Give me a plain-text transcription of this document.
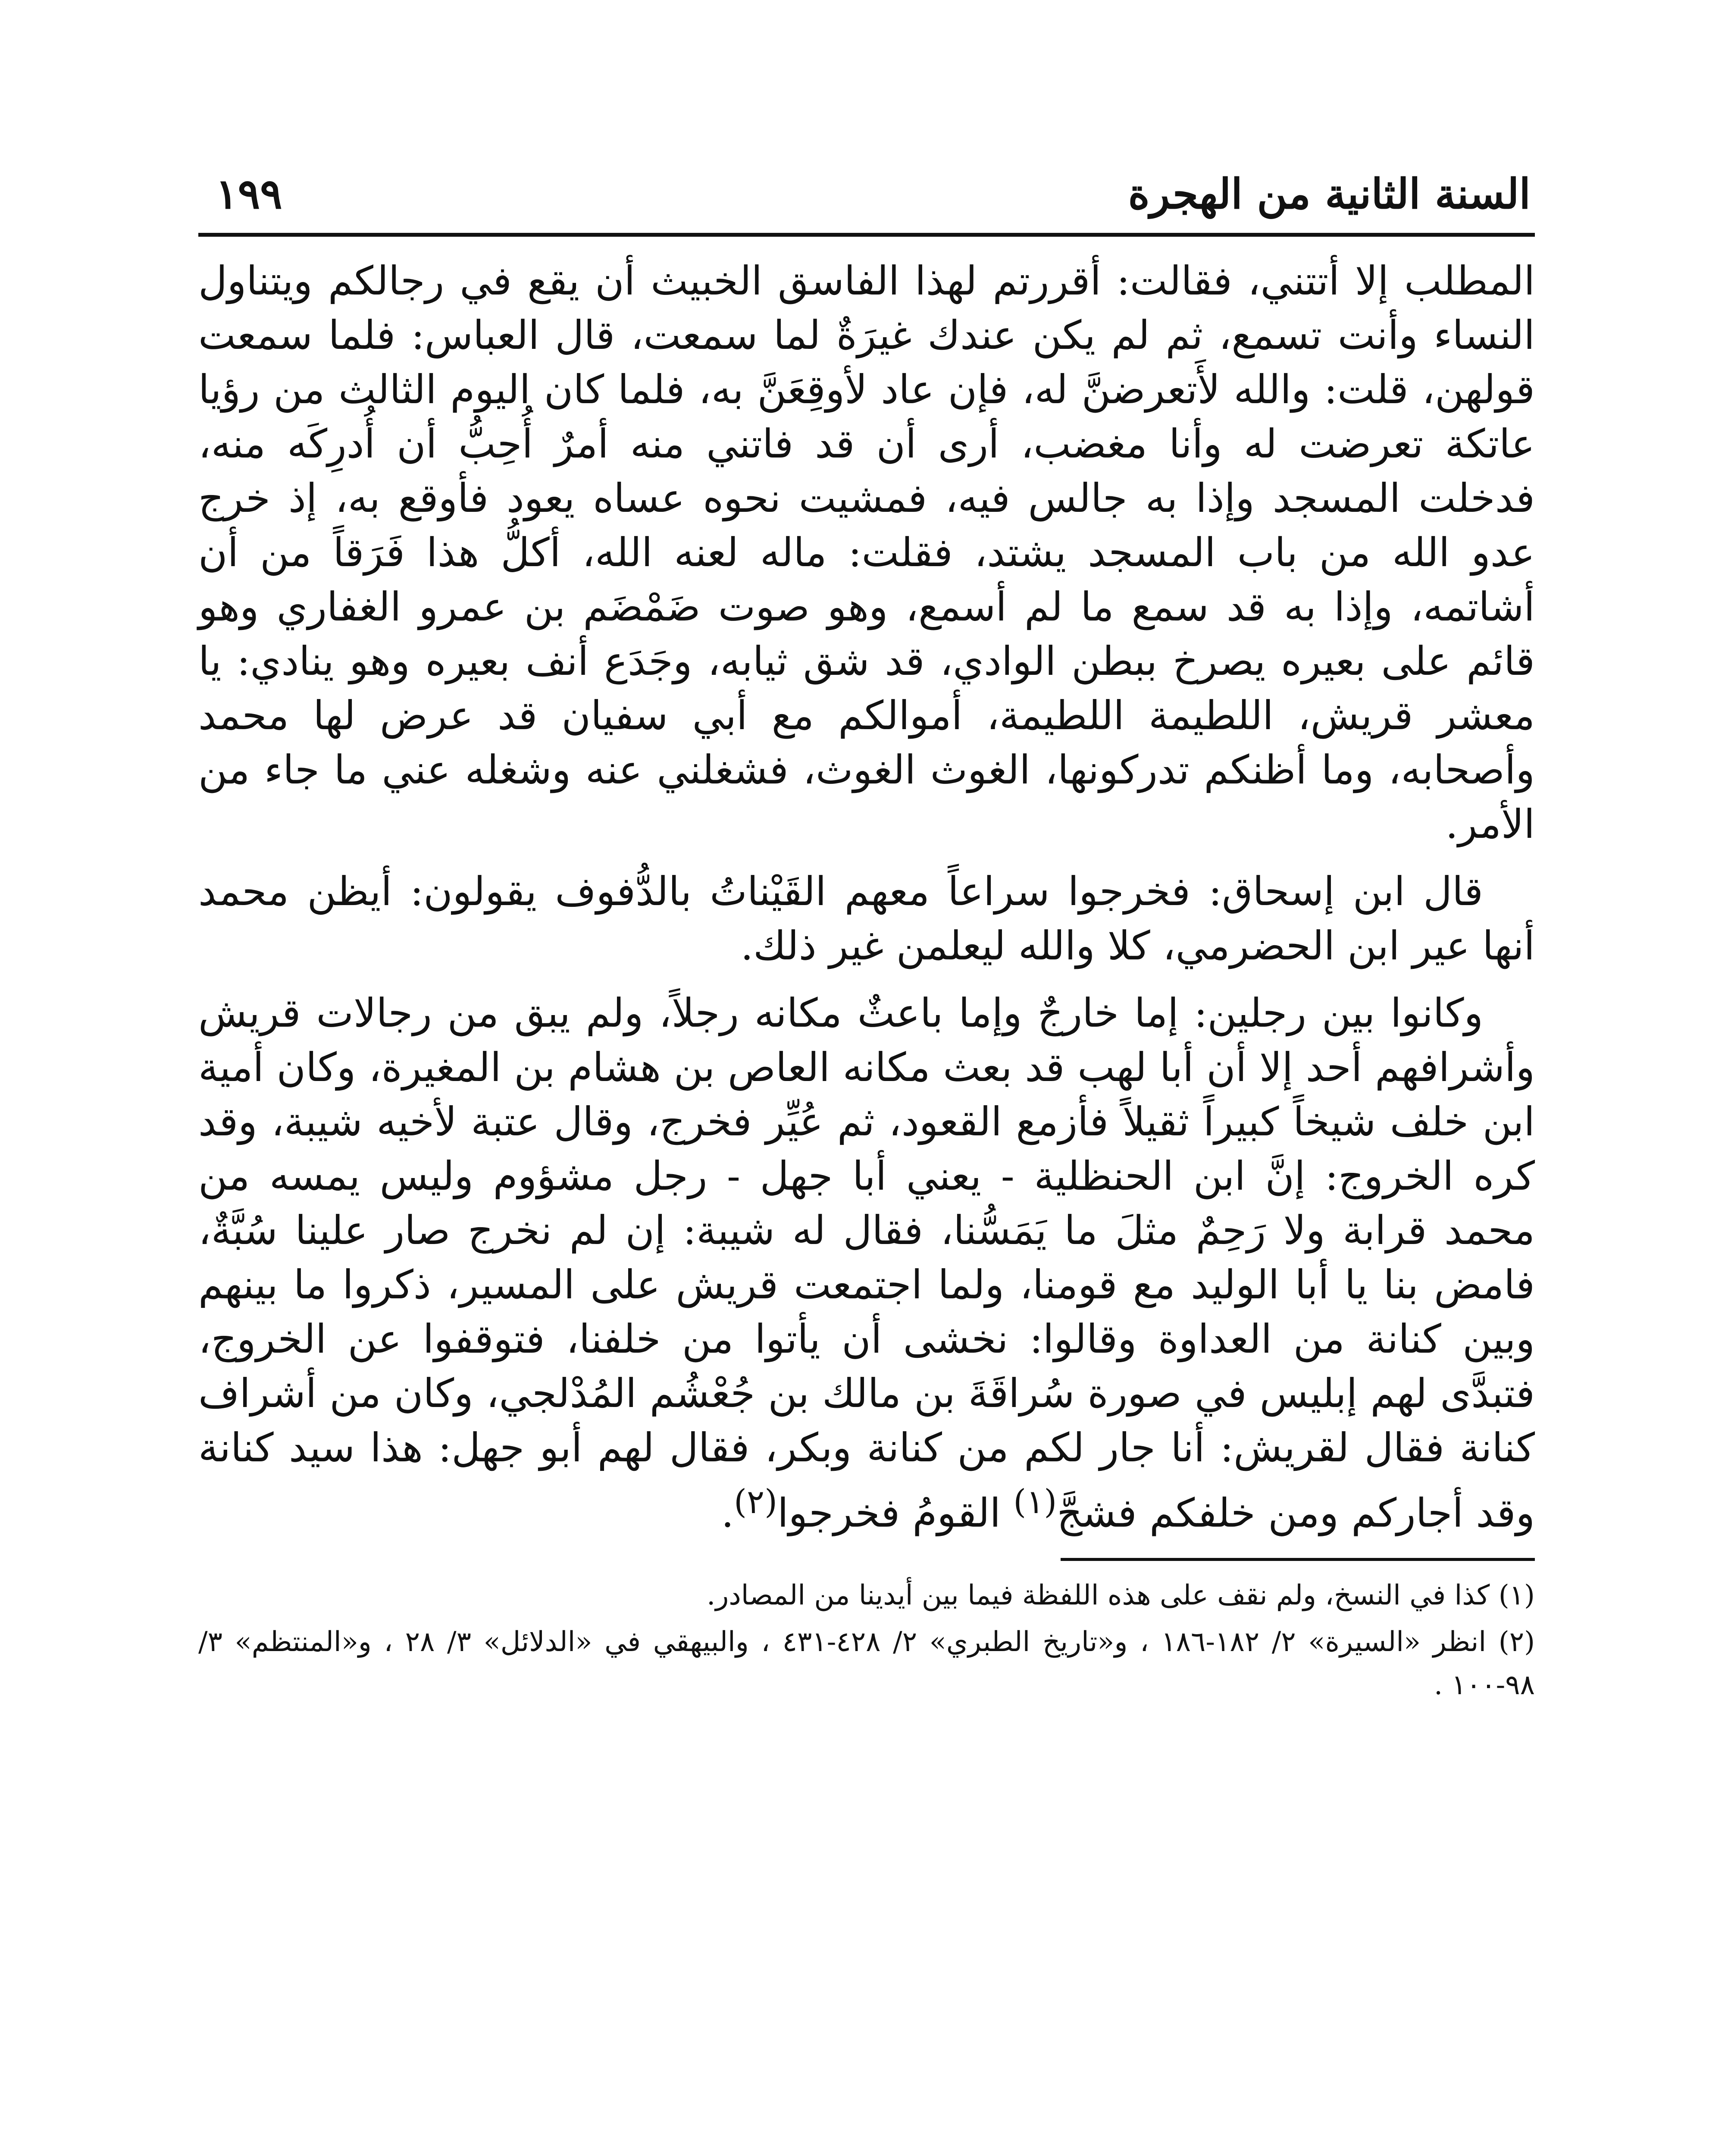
السنة الثانية من الهجرة
١٩٩

المطلب إلا أتتني، فقالت: أقررتم لهذا الفاسق الخبيث أن يقع في رجالكم ويتناول النساء وأنت تسمع، ثم لم يكن عندك غيرَةٌ لما سمعت، قال العباس: فلما سمعت قولهن، قلت: والله لأَتعرضنَّ له، فإن عاد لأوقِعَنَّ به، فلما كان اليوم الثالث من رؤيا عاتكة تعرضت له وأنا مغضب، أرى أن قد فاتني منه أمرٌ أُحِبُّ أن أُدرِكَه منه، فدخلت المسجد وإذا به جالس فيه، فمشيت نحوه عساه يعود فأوقع به، إذ خرج عدو الله من باب المسجد يشتد، فقلت: ماله لعنه الله، أكلُّ هذا فَرَقاً من أن أشاتمه، وإذا به قد سمع ما لم أسمع، وهو صوت ضَمْضَم بن عمرو الغفاري وهو قائم على بعيره يصرخ ببطن الوادي، قد شق ثيابه، وجَدَع أنف بعيره وهو ينادي: يا معشر قريش، اللطيمة اللطيمة، أموالكم مع أبي سفيان قد عرض لها محمد وأصحابه، وما أظنكم تدركونها، الغوث الغوث، فشغلني عنه وشغله عني ما جاء من الأمر.

قال ابن إسحاق: فخرجوا سراعاً معهم القَيْناتُ بالدُّفوف يقولون: أيظن محمد أنها عير ابن الحضرمي، كلا والله ليعلمن غير ذلك.

وكانوا بين رجلين: إما خارجٌ وإما باعثٌ مكانه رجلاً، ولم يبق من رجالات قريش وأشرافهم أحد إلا أن أبا لهب قد بعث مكانه العاص بن هشام بن المغيرة، وكان أمية ابن خلف شيخاً كبيراً ثقيلاً فأزمع القعود، ثم عُيِّر فخرج، وقال عتبة لأخيه شيبة، وقد كره الخروج: إنَّ ابن الحنظلية - يعني أبا جهل - رجل مشؤوم وليس يمسه من محمد قرابة ولا رَحِمٌ مثلَ ما يَمَسُّنا، فقال له شيبة: إن لم نخرج صار علينا سُبَّةٌ، فامض بنا يا أبا الوليد مع قومنا، ولما اجتمعت قريش على المسير، ذكروا ما بينهم وبين كنانة من العداوة وقالوا: نخشى أن يأتوا من خلفنا، فتوقفوا عن الخروج، فتبدَّى لهم إبليس في صورة سُراقَةَ بن مالك بن جُعْشُم المُدْلجي، وكان من أشراف كنانة فقال لقريش: أنا جار لكم من كنانة وبكر، فقال لهم أبو جهل: هذا سيد كنانة وقد أجاركم ومن خلفكم فشجَّ$^{(١)}$ القومُ فخرجوا$^{(٢)}$.

(١) كذا في النسخ، ولم نقف على هذه اللفظة فيما بين أيدينا من المصادر.

(٢) انظر «السيرة» ٢/ ١٨٢-١٨٦ ، و«تاريخ الطبري» ٢/ ٤٢٨-٤٣١ ، والبيهقي في «الدلائل» ٣/ ٢٨ ، و«المنتظم» ٣/ ٩٨-١٠٠ .
